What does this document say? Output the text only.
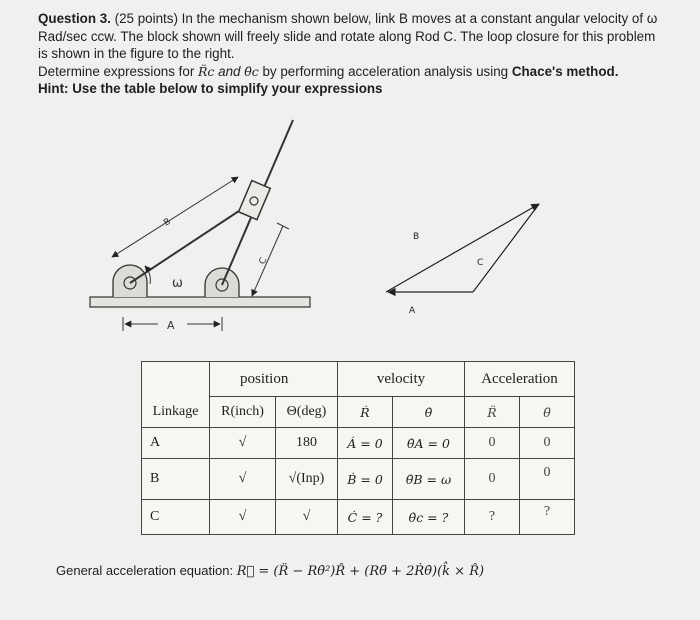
Question 3. (25 points) In the mechanism shown below, link B moves at a constant angular velocity of ω

Rad/sec ccw. The block shown will freely slide and rotate along Rod C. The loop closure for this problem

is shown in the figure to the right.

Determine expressions for R̈c and θ̈c by performing acceleration analysis using Chace's method.

Hint: Use the table below to simplify your expressions

B
C
ω
A
B
C
A
	position		velocity		Acceleration	
Linkage	R(inch)	Θ(deg)	Ṙ	θ̇	R̈	θ̈
A	√	180	Ȧ = 0	θ̇A = 0	0	0
B	√	√(Inp)	Ḃ = 0	θ̇B = ω	0	0
C	√	√	Ċ = ?	θ̇c = ?	?	?
General acceleration equation: R⃗ = (R̈ − Rθ̇²)R̂ + (Rθ̈ + 2Ṙθ̇)(k̂ × R̂)
